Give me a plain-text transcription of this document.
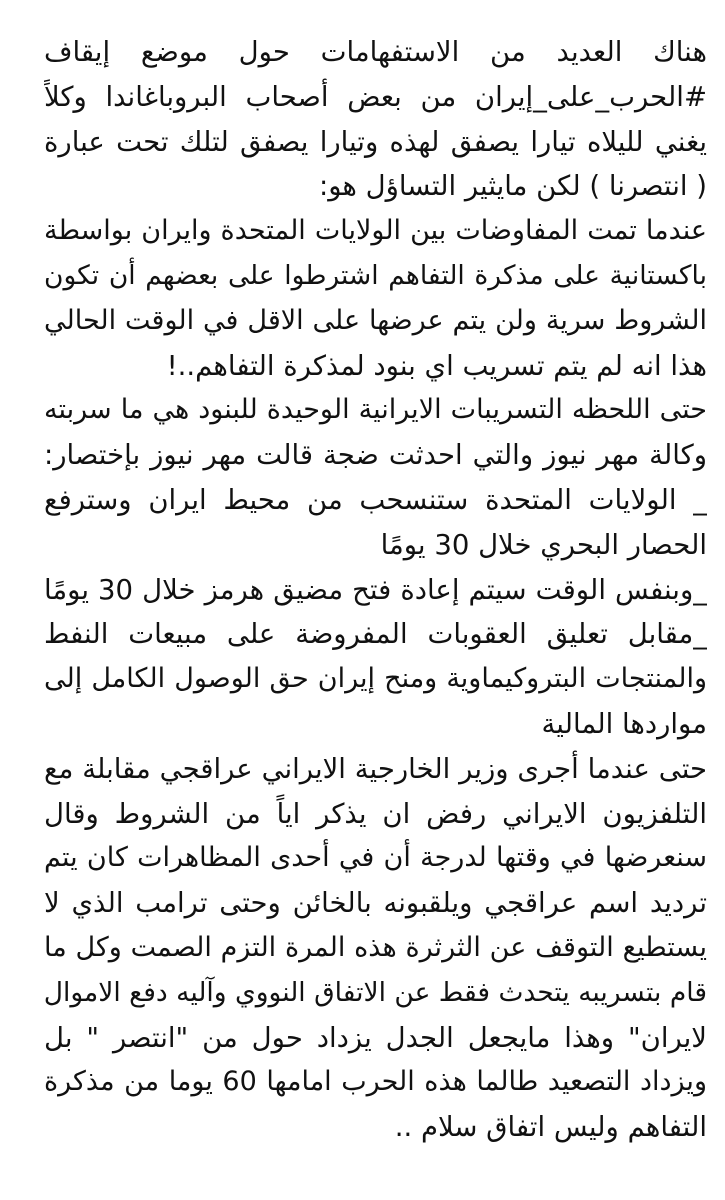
هناك العديد من الاستفهامات حول موضع إيقاف
#الحرب_على_إيران من بعض أصحاب البروباغاندا وكلاً
يغني لليلاه تيارا يصفق لهذه وتيارا يصفق لتلك تحت عبارة
( انتصرنا ) لكن مايثير التساؤل هو:
عندما تمت المفاوضات بين الولايات المتحدة وايران بواسطة
باكستانية على مذكرة التفاهم اشترطوا على بعضهم أن تكون
الشروط سرية ولن يتم عرضها على الاقل في الوقت الحالي
هذا انه لم يتم تسريب اي بنود لمذكرة التفاهم..!
حتى اللحظه التسريبات الايرانية الوحيدة للبنود هي ما سربته
وكالة مهر نيوز والتي احدثت ضجة قالت مهر نيوز بإختصار:
_ الولايات المتحدة ستنسحب من محيط ايران وسترفع
الحصار البحري خلال 30 يومًا
_وبنفس الوقت سيتم إعادة فتح مضيق هرمز خلال 30 يومًا
_مقابل تعليق العقوبات المفروضة على مبيعات النفط
والمنتجات البتروكيماوية ومنح إيران حق الوصول الكامل إلى
مواردها المالية
حتى عندما أجرى وزير الخارجية الايراني عراقجي مقابلة مع
التلفزيون الايراني رفض ان يذكر اياً من الشروط وقال
سنعرضها في وقتها لدرجة أن في أحدى المظاهرات كان يتم
ترديد اسم عراقجي ويلقبونه بالخائن وحتى ترامب الذي لا
يستطيع التوقف عن الثرثرة هذه المرة التزم الصمت وكل ما
قام بتسريبه يتحدث فقط عن الاتفاق النووي وآليه دفع الاموال
لايران" وهذا مايجعل الجدل يزداد حول من "انتصر " بل
ويزداد التصعيد طالما هذه الحرب امامها 60 يوما من مذكرة
التفاهم وليس اتفاق سلام ..
